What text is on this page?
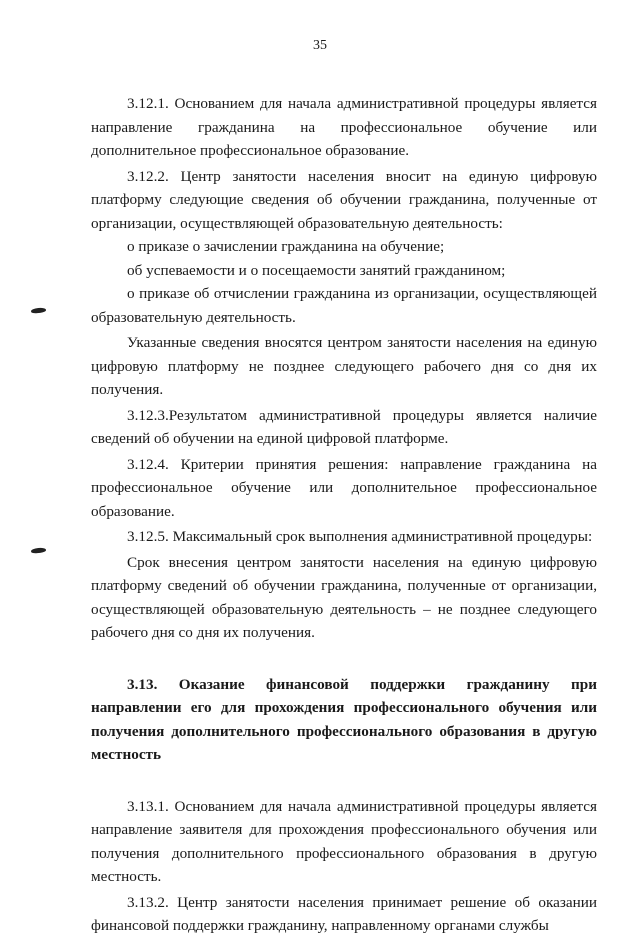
35

3.12.1. Основанием для начала административной процедуры является направление гражданина на профессиональное обучение или дополнительное профессиональное образование.

3.12.2. Центр занятости населения вносит на единую цифровую платформу следующие сведения об обучении гражданина, полученные от организации, осуществляющей образовательную деятельность:

о приказе о зачислении гражданина на обучение;

об успеваемости и о посещаемости занятий гражданином;

о приказе об отчислении гражданина из организации, осуществляющей образовательную деятельность.

Указанные сведения вносятся центром занятости населения на единую цифровую платформу не позднее следующего рабочего дня со дня их получения.

3.12.3.Результатом административной процедуры является наличие сведений об обучении на единой цифровой платформе.

3.12.4. Критерии принятия решения: направление гражданина на профессиональное обучение или дополнительное профессиональное образование.

3.12.5. Максимальный срок выполнения административной процедуры:

Срок внесения центром занятости населения на единую цифровую платформу сведений об обучении гражданина, полученные от организации, осуществляющей образовательную деятельность – не позднее следующего рабочего дня со дня их получения.

3.13. Оказание финансовой поддержки гражданину при направлении его для прохождения профессионального обучения или получения дополнительного профессионального образования в другую местность

3.13.1. Основанием для начала административной процедуры является направление заявителя для прохождения профессионального обучения или получения дополнительного профессионального образования в другую местность.

3.13.2. Центр занятости населения принимает решение об оказании финансовой поддержки гражданину, направленному органами службы
